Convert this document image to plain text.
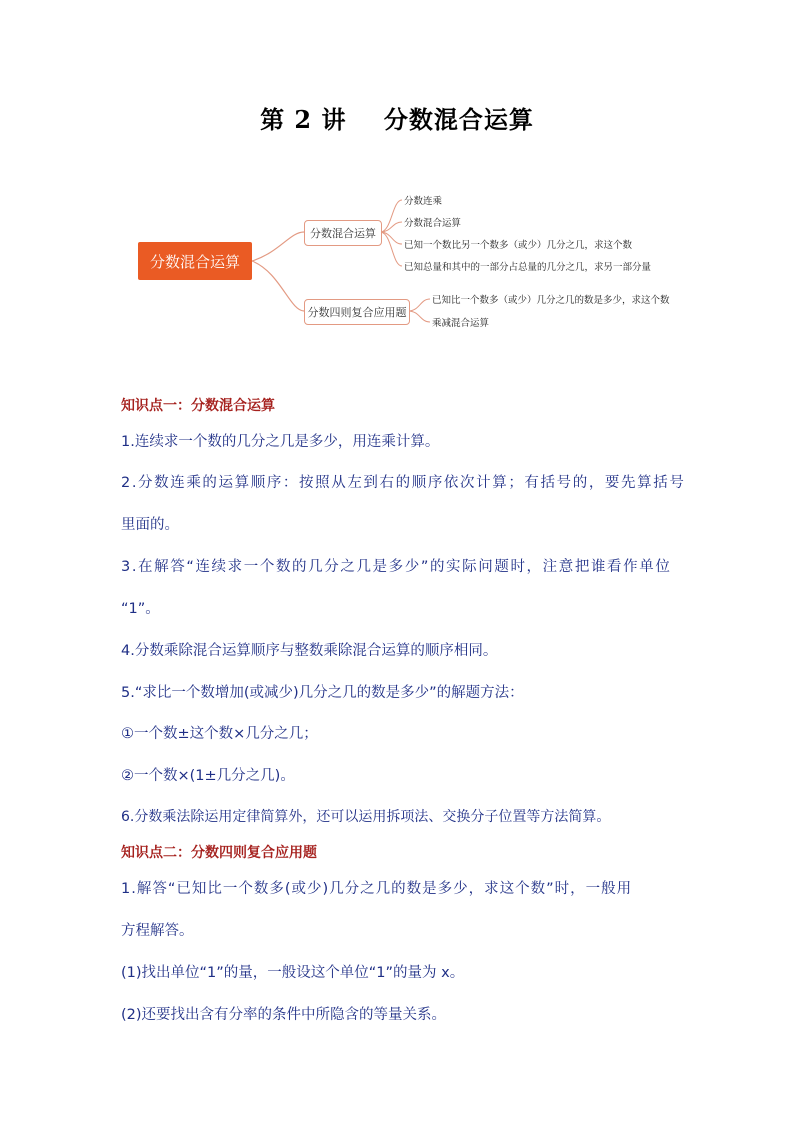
第 2 讲    分数混合运算
分数混合运算
分数混合运算
分数四则复合应用题
分数连乘
分数混合运算
已知一个数比另一个数多（或少）几分之几，求这个数
已知总量和其中的一部分占总量的几分之几，求另一部分量
已知比一个数多（或少）几分之几的数是多少，求这个数
乘减混合运算
知识点一：分数混合运算
1.连续求一个数的几分之几是多少，用连乘计算。
2.分数连乘的运算顺序：按照从左到右的顺序依次计算；有括号的，要先算括号
里面的。
3.在解答“连续求一个数的几分之几是多少”的实际问题时，注意把谁看作单位
“1”。
4.分数乘除混合运算顺序与整数乘除混合运算的顺序相同。
5.“求比一个数增加(或减少)几分之几的数是多少”的解题方法：
①一个数±这个数×几分之几；
②一个数×(1±几分之几)。
6.分数乘法除运用定律简算外，还可以运用拆项法、交换分子位置等方法简算。
知识点二：分数四则复合应用题
1.解答“已知比一个数多(或少)几分之几的数是多少，求这个数”时，一般用
方程解答。
(1)找出单位“1”的量，一般设这个单位“1”的量为 x。
(2)还要找出含有分率的条件中所隐含的等量关系。
